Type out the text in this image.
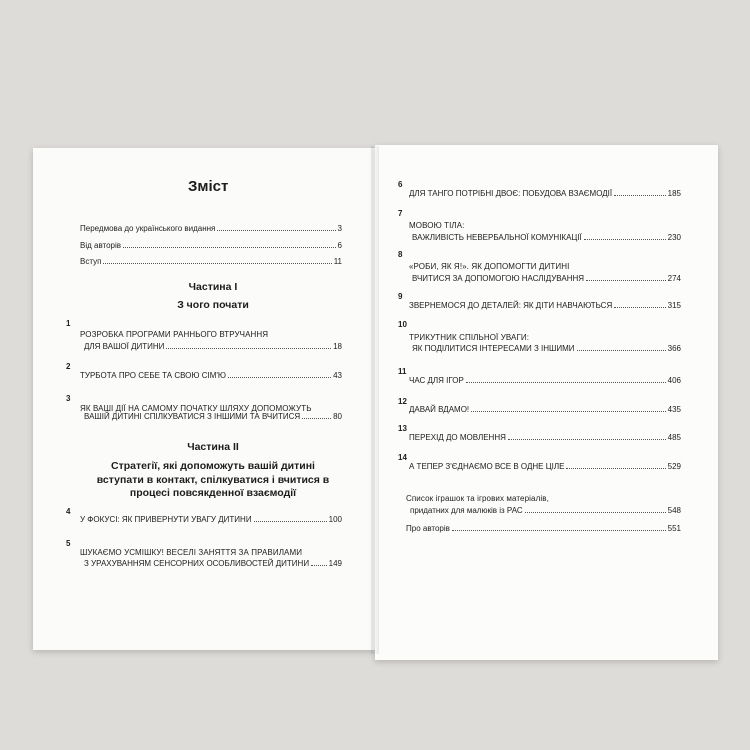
Зміст
Передмова до українського видання	3
Від авторів	6
Вступ	11
Частина I
З чого почати
1
РОЗРОБКА ПРОГРАМИ РАННЬОГО ВТРУЧАННЯ
ДЛЯ ВАШОЇ ДИТИНИ	18
2
ТУРБОТА ПРО СЕБЕ ТА СВОЮ СІМ'Ю	43
3
ЯК ВАШІ ДІЇ НА САМОМУ ПОЧАТКУ ШЛЯХУ ДОПОМОЖУТЬ
ВАШІЙ ДИТИНІ СПІЛКУВАТИСЯ З ІНШИМИ ТА ВЧИТИСЯ	80
Частина II
Стратегії, які допоможуть вашій дитині
вступати в контакт, спілкуватися і вчитися в
процесі повсякденної взаємодії
4
У ФОКУСІ: ЯК ПРИВЕРНУТИ УВАГУ ДИТИНИ	100
5
ШУКАЄМО УСМІШКУ! ВЕСЕЛІ ЗАНЯТТЯ ЗА ПРАВИЛАМИ
З УРАХУВАННЯМ СЕНСОРНИХ ОСОБЛИВОСТЕЙ ДИТИНИ 149
6
ДЛЯ ТАНГО ПОТРІБНІ ДВОЄ: ПОБУДОВА ВЗАЄМОДІЇ	185
7
МОВОЮ ТІЛА:
ВАЖЛИВІСТЬ НЕВЕРБАЛЬНОЇ КОМУНІКАЦІЇ	230
8
«РОБИ, ЯК Я!». ЯК ДОПОМОГТИ ДИТИНІ
ВЧИТИСЯ ЗА ДОПОМОГОЮ НАСЛІДУВАННЯ	274
9
ЗВЕРНЕМОСЯ ДО ДЕТАЛЕЙ: ЯК ДІТИ НАВЧАЮТЬСЯ	315
10
ТРИКУТНИК СПІЛЬНОЇ УВАГИ:
ЯК ПОДІЛИТИСЯ ІНТЕРЕСАМИ З ІНШИМИ	366
11
ЧАС ДЛЯ ІГОР	406
12
ДАВАЙ ВДАМО!	435
13
ПЕРЕХІД ДО МОВЛЕННЯ	485
14
А ТЕПЕР З'ЄДНАЄМО ВСЕ В ОДНЕ ЦІЛЕ	529
Список іграшок та ігрових матеріалів,
придатних для малюків із РАС	548
Про авторів	551
